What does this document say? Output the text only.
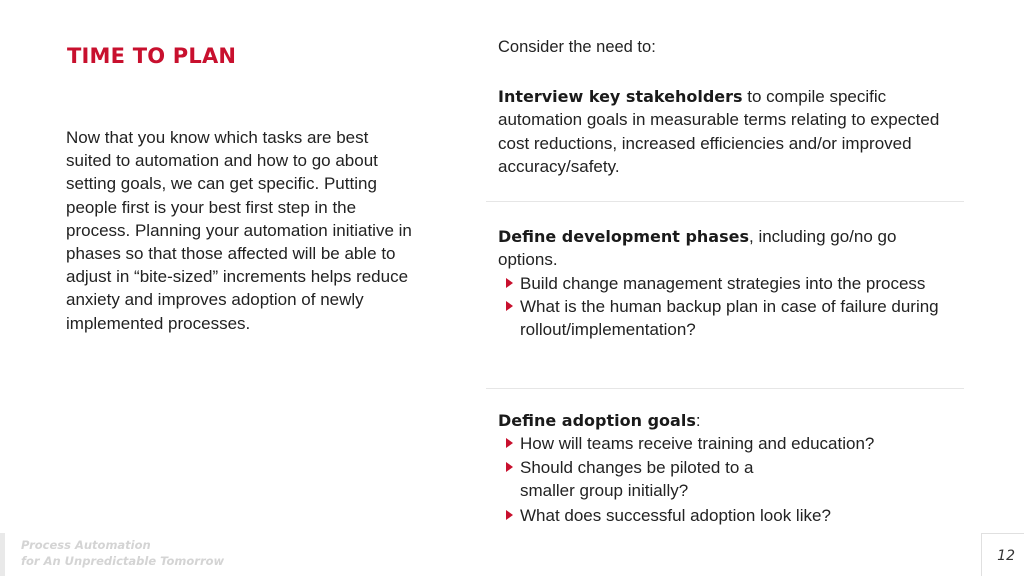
TIME TO PLAN
Now that you know which tasks are best suited to automation and how to go about setting goals, we can get specific. Putting people first is your best first step in the process. Planning your automation initiative in phases so that those affected will be able to adjust in “bite-sized” increments helps reduce anxiety and improves adoption of newly implemented processes.
Consider the need to:
Interview key stakeholders to compile specific automation goals in measurable terms relating to expected cost reductions, increased efficiencies and/or improved accuracy/safety.
Define development phases, including go/no go options.
Build change management strategies into the process
What is the human backup plan in case of failure during rollout/implementation?
Define adoption goals:
How will teams receive training and education?
Should changes be piloted to a smaller group initially?
What does successful adoption look like?
Process Automation
for An Unpredictable Tomorrow	12
